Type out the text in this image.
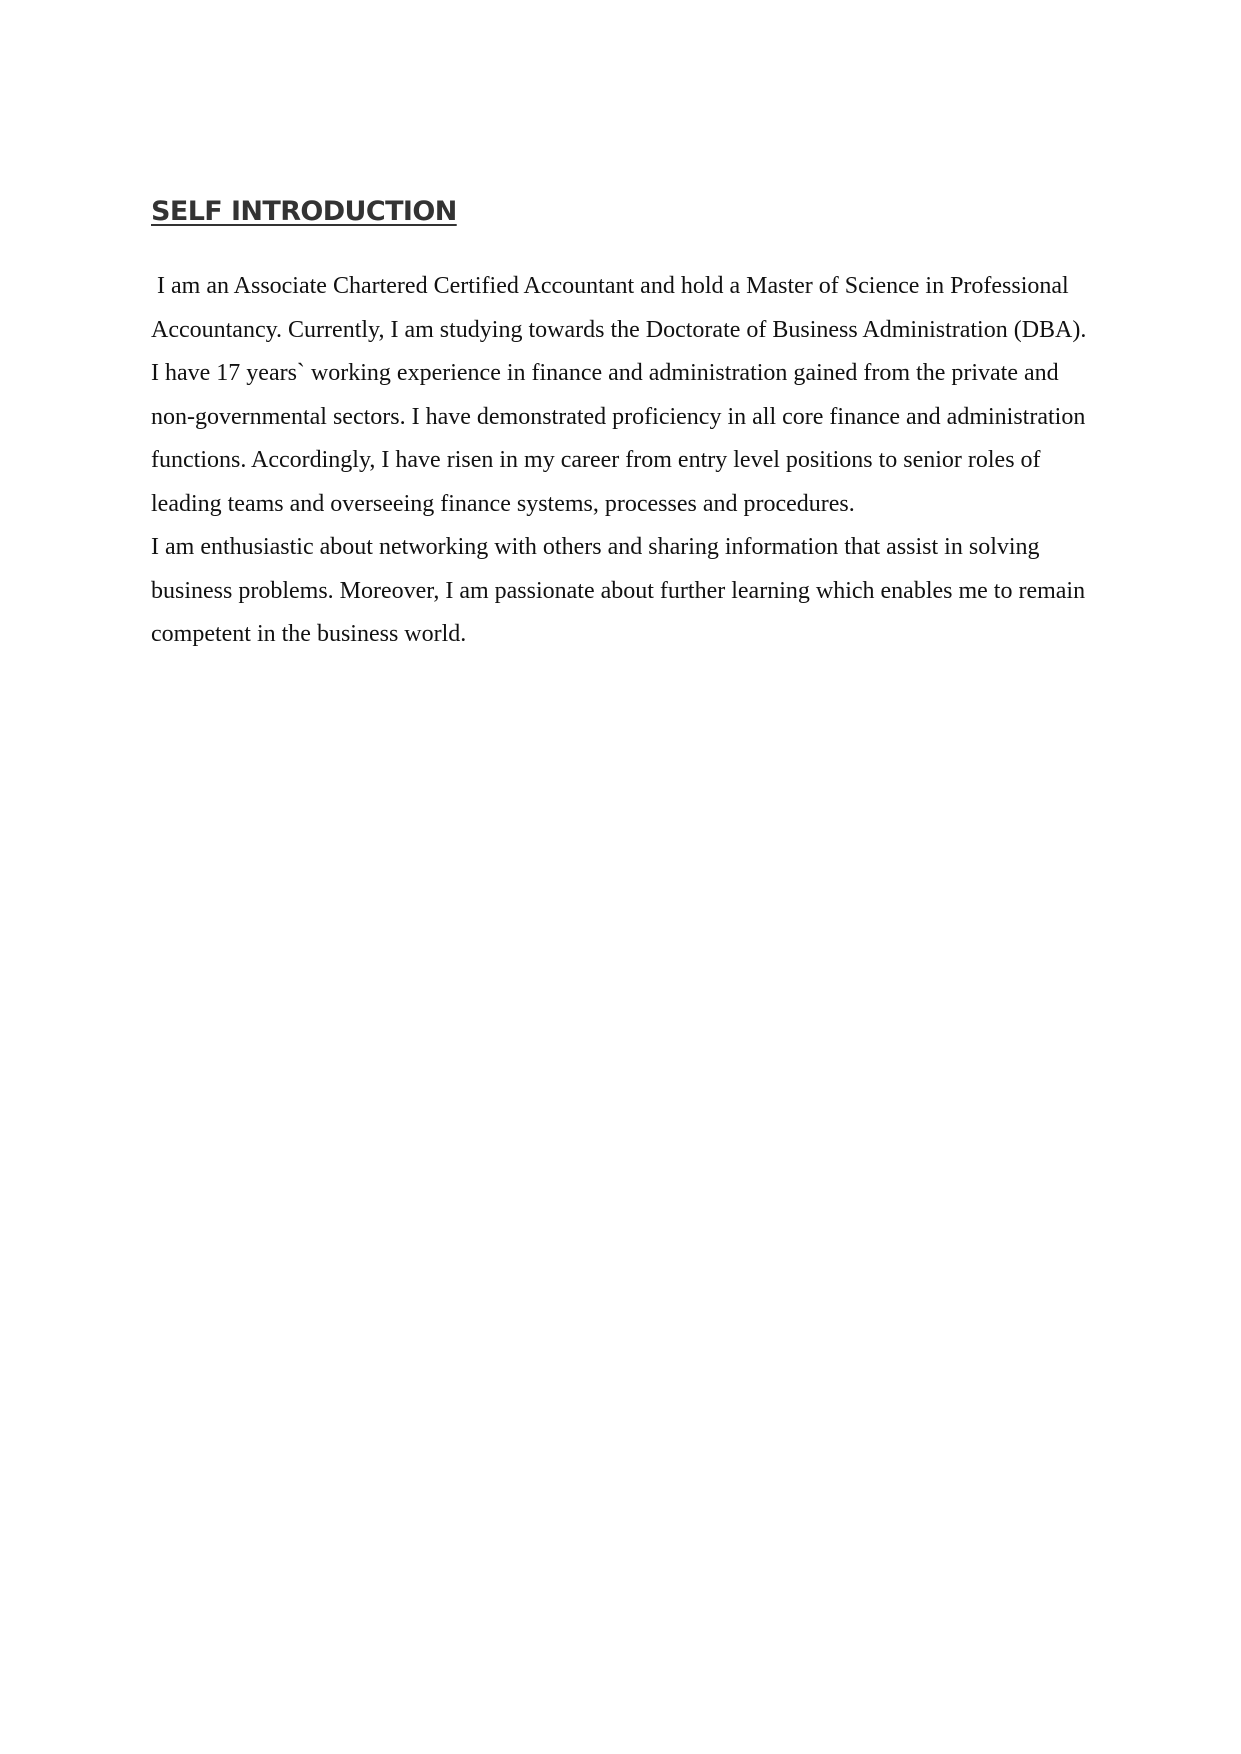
SELF INTRODUCTION

I am an Associate Chartered Certified Accountant and hold a Master of Science in Professional Accountancy. Currently, I am studying towards the Doctorate of Business Administration (DBA).

I have 17 years` working experience in finance and administration gained from the private and non-governmental sectors. I have demonstrated proficiency in all core finance and administration functions. Accordingly, I have risen in my career from entry level positions to senior roles of leading teams and overseeing finance systems, processes and procedures.

I am enthusiastic about networking with others and sharing information that assist in solving business problems. Moreover, I am passionate about further learning which enables me to remain competent in the business world.
